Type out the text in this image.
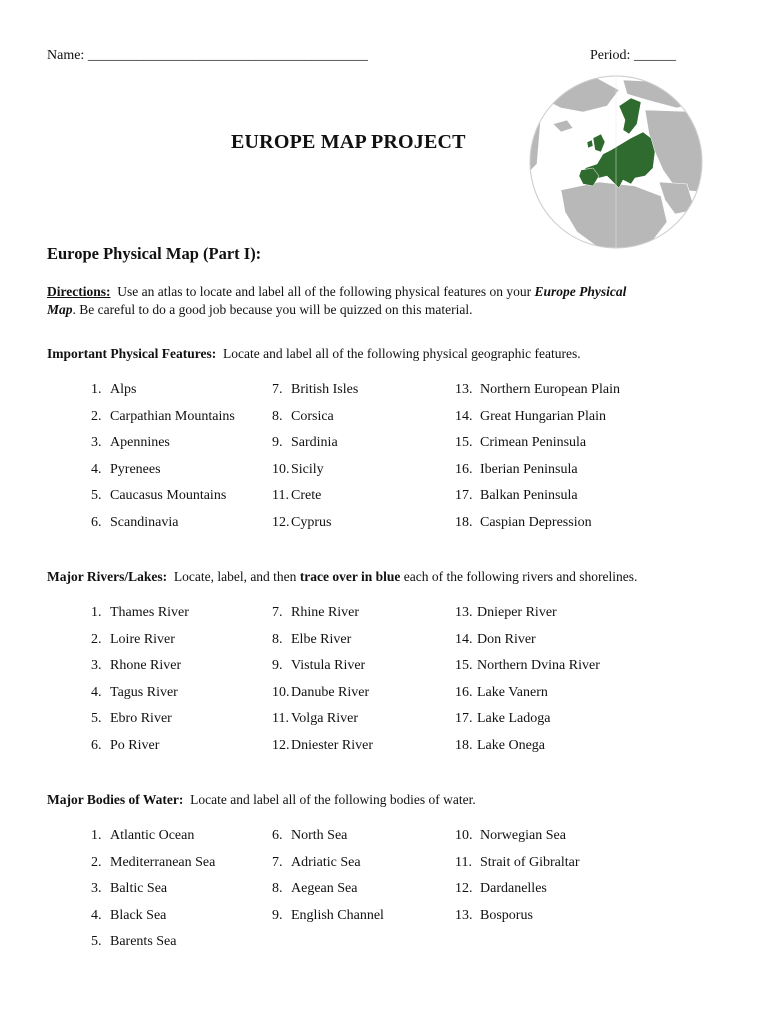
Name: ________________________________________	Period: ______
EUROPE MAP PROJECT
Europe Physical Map (Part I):
Directions: Use an atlas to locate and label all of the following physical features on your Europe Physical
Map. Be careful to do a good job because you will be quizzed on this material.
Important Physical Features: Locate and label all of the following physical geographic features.
1. Alps
2. Carpathian Mountains
3. Apennines
4. Pyrenees
5. Caucasus Mountains
6. Scandinavia
7. British Isles
8. Corsica
9. Sardinia
10. Sicily
11. Crete
12. Cyprus
13. Northern European Plain
14. Great Hungarian Plain
15. Crimean Peninsula
16. Iberian Peninsula
17. Balkan Peninsula
18. Caspian Depression
Major Rivers/Lakes: Locate, label, and then trace over in blue each of the following rivers and shorelines.
1. Thames River
2. Loire River
3. Rhone River
4. Tagus River
5. Ebro River
6. Po River
7. Rhine River
8. Elbe River
9. Vistula River
10. Danube River
11. Volga River
12. Dniester River
13. Dnieper River
14. Don River
15. Northern Dvina River
16. Lake Vanern
17. Lake Ladoga
18. Lake Onega
Major Bodies of Water: Locate and label all of the following bodies of water.
1. Atlantic Ocean
2. Mediterranean Sea
3. Baltic Sea
4. Black Sea
5. Barents Sea
6. North Sea
7. Adriatic Sea
8. Aegean Sea
9. English Channel
10. Norwegian Sea
11. Strait of Gibraltar
12. Dardanelles
13. Bosporus
